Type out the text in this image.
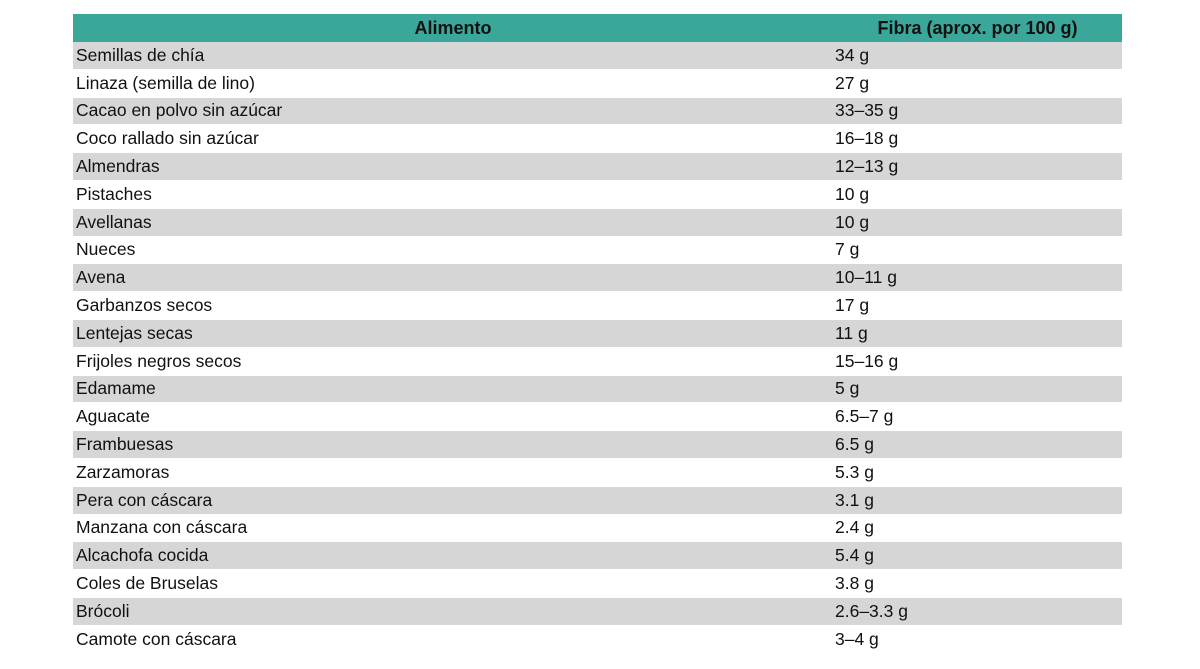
Alimento	Fibra (aprox. por 100 g)
Semillas de chía	34 g
Linaza (semilla de lino)	27 g
Cacao en polvo sin azúcar	33–35 g
Coco rallado sin azúcar	16–18 g
Almendras	12–13 g
Pistaches	10 g
Avellanas	10 g
Nueces	7 g
Avena	10–11 g
Garbanzos secos	17 g
Lentejas secas	11 g
Frijoles negros secos	15–16 g
Edamame	5 g
Aguacate	6.5–7 g
Frambuesas	6.5 g
Zarzamoras	5.3 g
Pera con cáscara	3.1 g
Manzana con cáscara	2.4 g
Alcachofa cocida	5.4 g
Coles de Bruselas	3.8 g
Brócoli	2.6–3.3 g
Camote con cáscara	3–4 g
